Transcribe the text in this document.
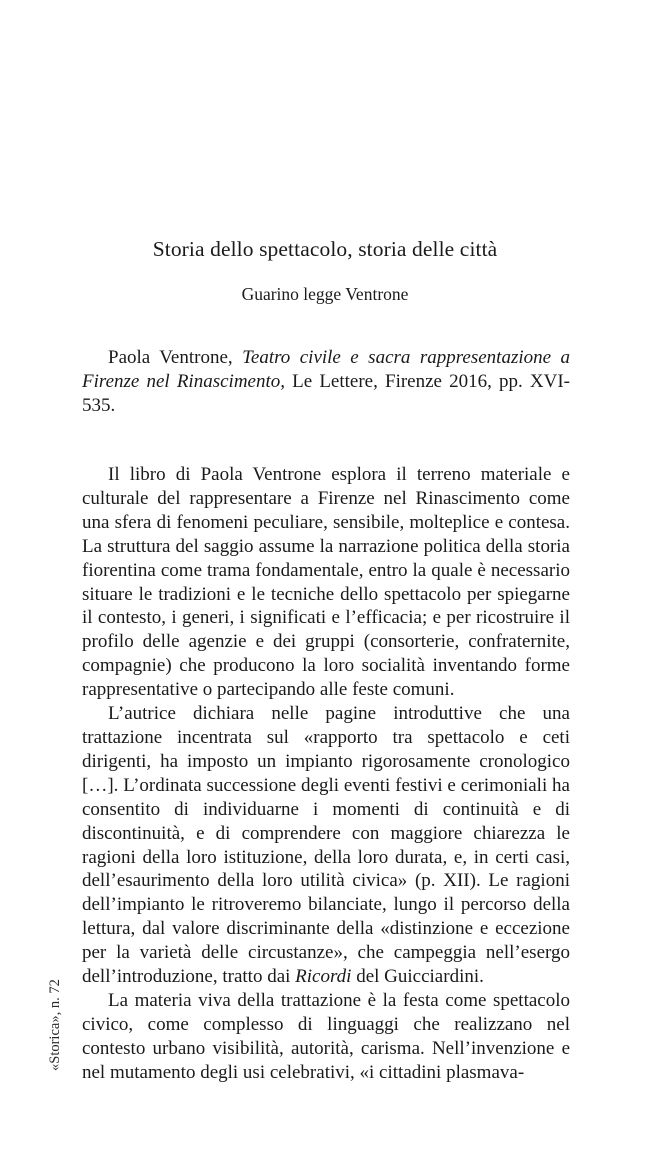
Storia dello spettacolo, storia delle città
Guarino legge Ventrone

Paola Ventrone, Teatro civile e sacra rappresentazione a Firenze nel Rinascimento, Le Lettere, Firenze 2016, pp. XVI-535.

Il libro di Paola Ventrone esplora il terreno materiale e culturale del rappresentare a Firenze nel Rinascimento come una sfera di fenomeni peculiare, sensibile, molteplice e contesa. La struttura del saggio assume la narrazione politica della storia fiorentina come trama fondamentale, entro la quale è necessario situare le tradizioni e le tecniche dello spettacolo per spiegarne il contesto, i generi, i significati e l’efficacia; e per ricostruire il profilo delle agenzie e dei gruppi (consorterie, confraternite, compagnie) che producono la loro socialità inventando forme rappresentative o partecipando alle feste comuni.

L’autrice dichiara nelle pagine introduttive che una trattazione incentrata sul «rapporto tra spettacolo e ceti dirigenti, ha imposto un impianto rigorosamente cronologico […]. L’ordinata successione degli eventi festivi e cerimoniali ha consentito di individuarne i momenti di continuità e di discontinuità, e di comprendere con maggiore chiarezza le ragioni della loro istituzione, della loro durata, e, in certi casi, dell’esaurimento della loro utilità civica» (p. XII). Le ragioni dell’impianto le ritroveremo bilanciate, lungo il percorso della lettura, dal valore discriminante della «distinzione e eccezione per la varietà delle circustanze», che campeggia nell’esergo dell’introduzione, tratto dai Ricordi del Guicciardini.

La materia viva della trattazione è la festa come spettacolo civico, come complesso di linguaggi che realizzano nel contesto urbano visibilità, autorità, carisma. Nell’invenzione e nel mutamento degli usi celebrativi, «i cittadini plasmava-

«Storica», n. 72
